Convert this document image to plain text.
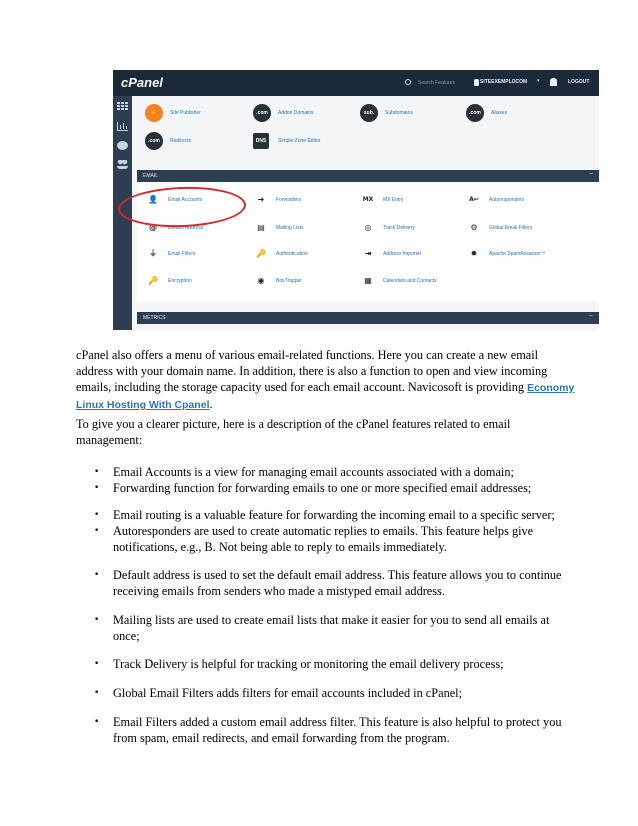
cPanel	Search Features	SITEEXEMPLOCOM ▾	LOGOUT
⚡	Site Publisher	.com	Addon Domains	sub.	Subdomains	.com	Aliases
.com	Redirects	DNS	Simple Zone Editor
EMAIL	−
👤	Email Accounts	➜	Forwarders	MX	MX Entry	A↩	Autoresponders
@	Default Address	▤	Mailing Lists	◎	Track Delivery	⚙	Global Email Filters
⏚	Email Filters	🔑	Authentication	⇥	Address Importer	✹	Apache SpamAssassin™
🔑	Encryption	◉	BoxTrapper	▦	Calendars and Contacts
METRICS	−

cPanel also offers a menu of various email-related functions. Here you can create a new email address with your domain name. In addition, there is also a function to open and view incoming emails, including the storage capacity used for each email account. Navicosoft is providing Economy Linux Hosting With Cpanel.

To give you a clearer picture, here is a description of the cPanel features related to email management:

• Email Accounts is a view for managing email accounts associated with a domain;
• Forwarding function for forwarding emails to one or more specified email addresses;
• Email routing is a valuable feature for forwarding the incoming email to a specific server;
• Autoresponders are used to create automatic replies to emails. This feature helps give notifications, e.g., B. Not being able to reply to emails immediately.
• Default address is used to set the default email address. This feature allows you to continue receiving emails from senders who made a mistyped email address.
• Mailing lists are used to create email lists that make it easier for you to send all emails at once;
• Track Delivery is helpful for tracking or monitoring the email delivery process;
• Global Email Filters adds filters for email accounts included in cPanel;
• Email Filters added a custom email address filter. This feature is also helpful to protect you from spam, email redirects, and email forwarding from the program.
